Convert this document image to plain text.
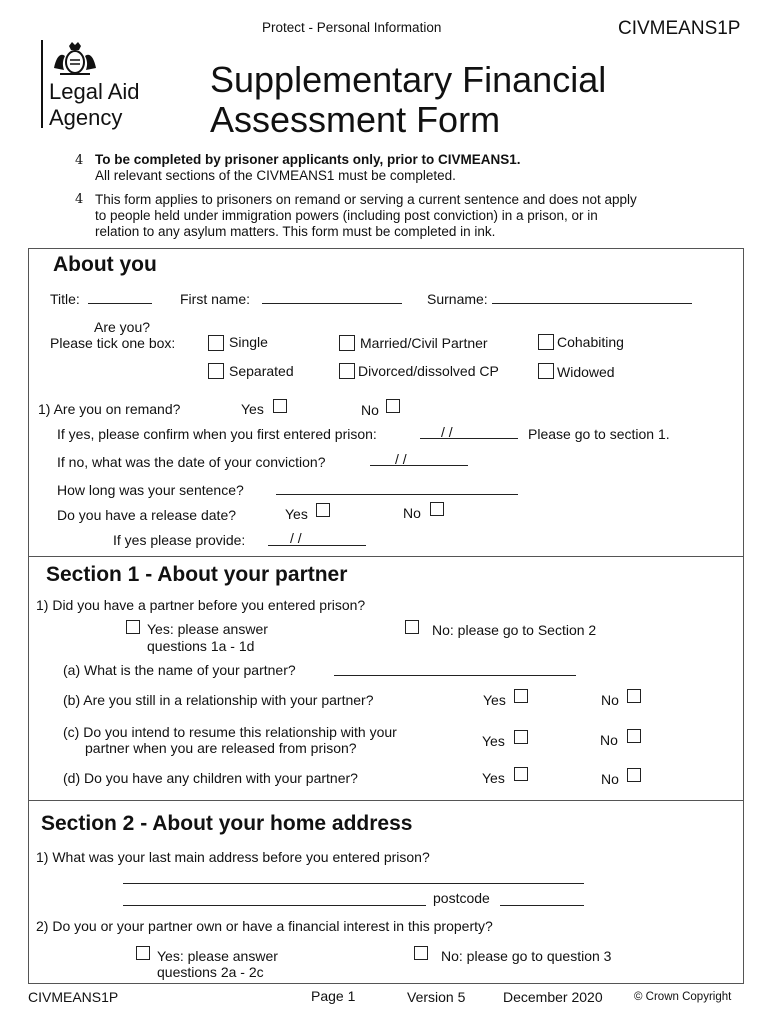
Protect - Personal Information	CIVMEANS1P
Legal Aid
Agency
Supplementary Financial
Assessment Form
4 To be completed by prisoner applicants only, prior to CIVMEANS1.
All relevant sections of the CIVMEANS1 must be completed.
4 This form applies to prisoners on remand or serving a current sentence and does not apply
to people held under immigration powers (including post conviction) in a prison, or in
relation to any asylum matters. This form must be completed in ink.
About you
Title:	First name:	Surname:
Are you?
Please tick one box:	Single	Married/Civil Partner	Cohabiting
Separated	Divorced/dissolved CP	Widowed
1) Are you on remand?	Yes	No
If yes, please confirm when you first entered prison:	/ /	Please go to section 1.
If no, what was the date of your conviction?	/ /
How long was your sentence?
Do you have a release date?	Yes	No
If yes please provide:	/ /
Section 1 - About your partner
1) Did you have a partner before you entered prison?
Yes: please answer
questions 1a - 1d
No: please go to Section 2
(a) What is the name of your partner?
(b) Are you still in a relationship with your partner?	Yes	No
(c) Do you intend to resume this relationship with your
partner when you are released from prison?	Yes	No
(d) Do you have any children with your partner?	Yes	No
Section 2 - About your home address
1) What was your last main address before you entered prison?
postcode
2) Do you or your partner own or have a financial interest in this property?
Yes: please answer
questions 2a - 2c
No: please go to question 3
CIVMEANS1P	Page 1	Version 5	December 2020	© Crown Copyright
